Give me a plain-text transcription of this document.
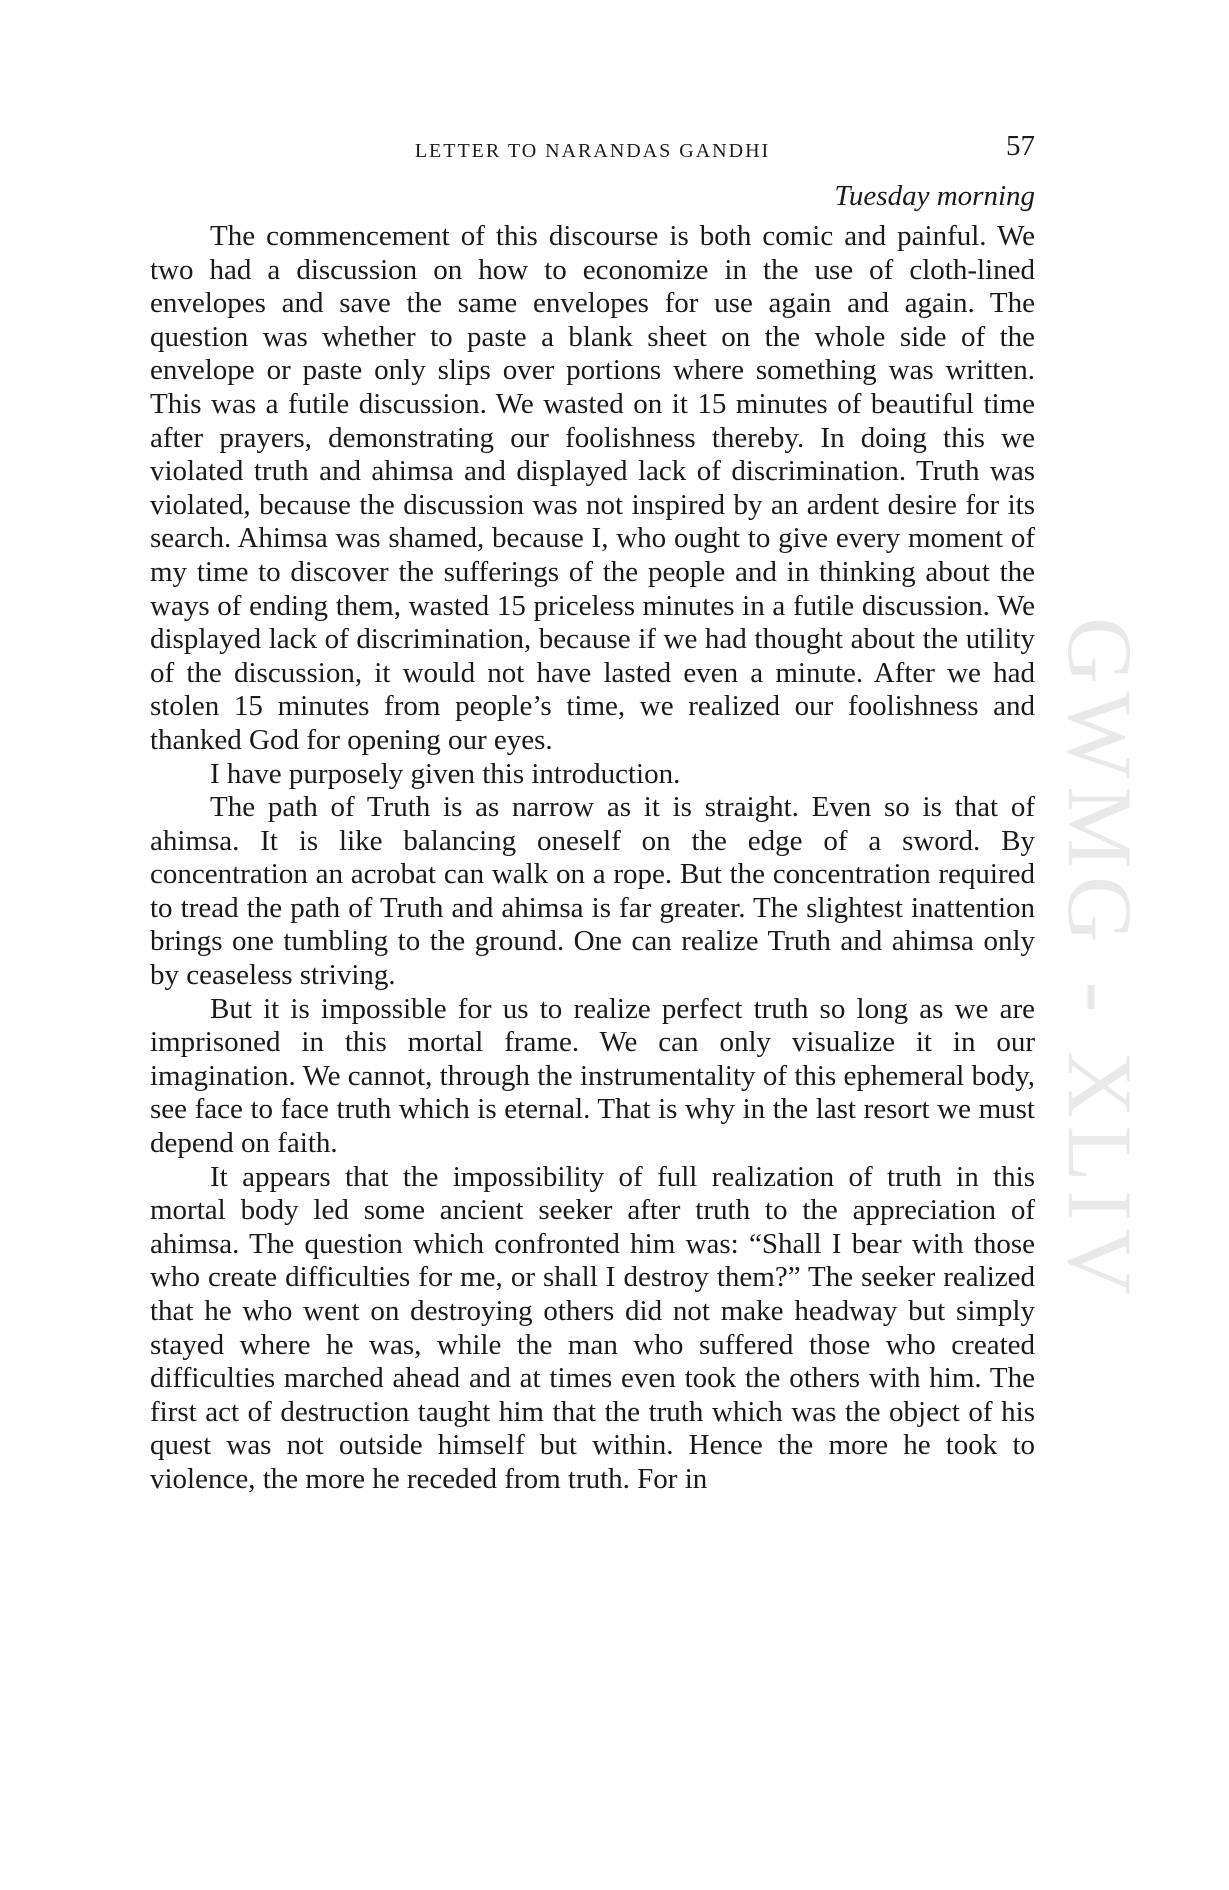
GWMG - XLIV
LETTER TO NARANDAS GANDHI	57
Tuesday morning

The commencement of this discourse is both comic and painful. We two had a discussion on how to economize in the use of cloth-lined envelopes and save the same envelopes for use again and again. The question was whether to paste a blank sheet on the whole side of the envelope or paste only slips over portions where something was written. This was a futile discussion. We wasted on it 15 minutes of beautiful time after prayers, demonstrating our foolishness thereby. In doing this we violated truth and ahimsa and displayed lack of discrimination. Truth was violated, because the discussion was not inspired by an ardent desire for its search. Ahimsa was shamed, because I, who ought to give every moment of my time to discover the sufferings of the people and in thinking about the ways of ending them, wasted 15 priceless minutes in a futile discussion. We displayed lack of discrimination, because if we had thought about the utility of the discussion, it would not have lasted even a minute. After we had stolen 15 minutes from people’s time, we realized our foolishness and thanked God for opening our eyes.

I have purposely given this introduction.

The path of Truth is as narrow as it is straight. Even so is that of ahimsa. It is like balancing oneself on the edge of a sword. By concentration an acrobat can walk on a rope. But the concentration required to tread the path of Truth and ahimsa is far greater. The slightest inattention brings one tumbling to the ground. One can realize Truth and ahimsa only by ceaseless striving.

But it is impossible for us to realize perfect truth so long as we are imprisoned in this mortal frame. We can only visualize it in our imagination. We cannot, through the instrumentality of this ephemeral body, see face to face truth which is eternal. That is why in the last resort we must depend on faith.

It appears that the impossibility of full realization of truth in this mortal body led some ancient seeker after truth to the appreciation of ahimsa. The question which confronted him was: “Shall I bear with those who create difficulties for me, or shall I destroy them?” The seeker realized that he who went on destroying others did not make headway but simply stayed where he was, while the man who suffered those who created difficulties marched ahead and at times even took the others with him. The first act of destruction taught him that the truth which was the object of his quest was not outside himself but within. Hence the more he took to violence, the more he receded from truth. For in
